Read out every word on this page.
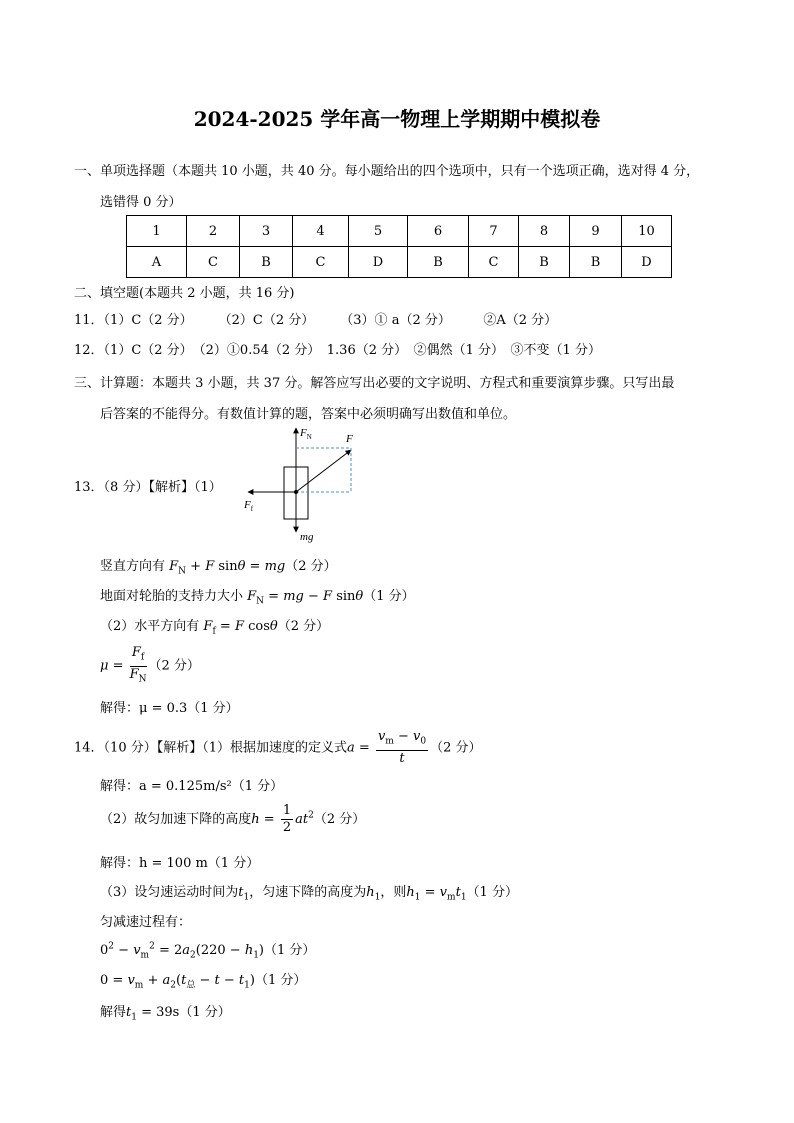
2024-2025 学年高一物理上学期期中模拟卷
一、单项选择题（本题共 10 小题，共 40 分。每小题给出的四个选项中，只有一个选项正确，选对得 4 分，
选错得 0 分）
1	2	3	4	5	6	7	8	9	10
A	C	B	C	D	B	C	B	B	D
二、填空题(本题共 2 小题，共 16 分)
11．（1）C（2 分）　　　（2）C（2 分）　　　（3）① a（2 分）　　　②A（2 分）
12．（1）C（2 分）　（2）①0.54（2 分）　1.36（2 分）　②偶然（1 分）　③不变（1 分）
三、计算题：本题共 3 小题，共 37 分。解答应写出必要的文字说明、方程式和重要演算步骤。只写出最
后答案的不能得分。有数值计算的题，答案中必须明确写出数值和单位。
13．（8 分）【解析】（1）
$F_N$	F
$F_f$
mg
竖直方向有 $F_N + F$ sinθ = mg（2 分）
地面对轮胎的支持力大小 $F_N$ = mg − F sinθ（1 分）
（2）水平方向有 $F_f = F$ cosθ（2 分）
$\mu = \frac{F_f}{F_N} (2$ 分）
解得：μ = 0.3（1 分）
14．（10 分）【解析】（1）根据加速度的定义式$a = \frac{v_m - v_0}{t} (2$ 分）
解得：a = 0.125m/s²（1 分）
（2）故匀加速下降的高度$h = \frac{1}{2} at^2(2$ 分）
解得：h = 100 m（1 分）
（3）设匀速运动时间为$t_1$，匀速下降的高度为$h_1$，则$h_1 = v_mt_1(1$ 分）
匀减速过程有：
$0^2 - v_m^2 = 2a_2(220 - h_1)(1$ 分）
$0 = v_m + a_2(t_总 - t - t_1)(1$ 分）
解得$t_1 = 39s(1$ 分）
